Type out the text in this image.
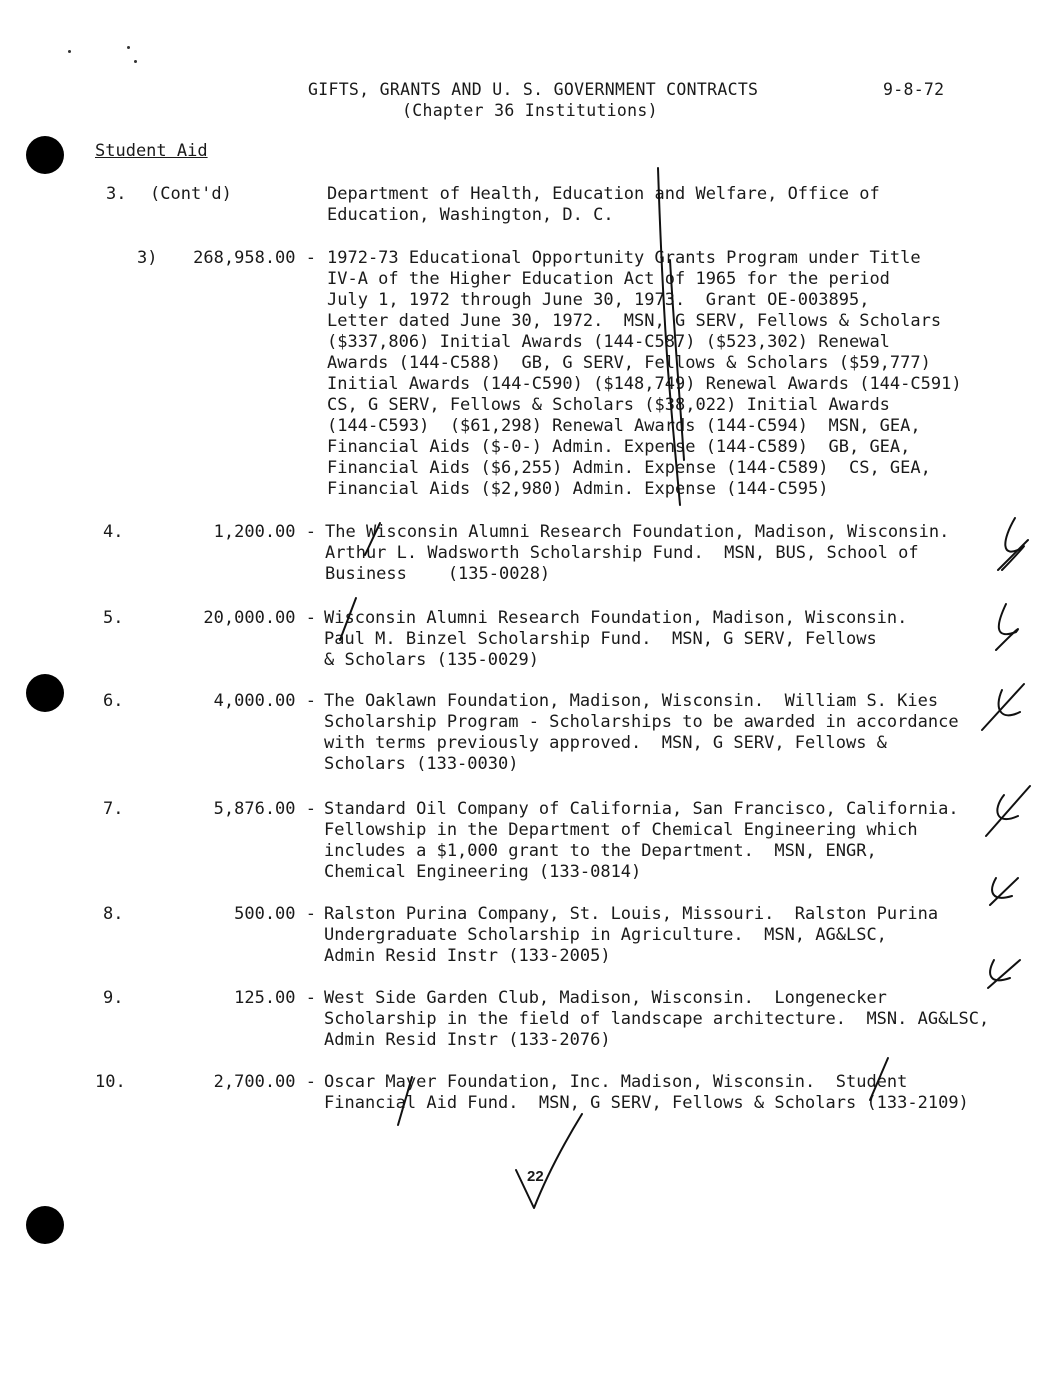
GIFTS, GRANTS AND U. S. GOVERNMENT CONTRACTS
(Chapter 36 Institutions)
9-8-72
Student Aid
3. (Cont'd)	Department of Health, Education and Welfare, Office of
Education, Washington, D. C.
3) 268,958.00 - 1972-73 Educational Opportunity Grants Program under Title
IV-A of the Higher Education Act of 1965 for the period
July 1, 1972 through June 30, 1973.  Grant OE-003895,
Letter dated June 30, 1972.  MSN, G SERV, Fellows & Scholars
($337,806) Initial Awards (144-C587) ($523,302) Renewal
Awards (144-C588)  GB, G SERV, Fellows & Scholars ($59,777)
Initial Awards (144-C590) ($148,749) Renewal Awards (144-C591)
CS, G SERV, Fellows & Scholars ($38,022) Initial Awards
(144-C593)  ($61,298) Renewal Awards (144-C594)  MSN, GEA,
Financial Aids ($-0-) Admin. Expense (144-C589)  GB, GEA,
Financial Aids ($6,255) Admin. Expense (144-C589)  CS, GEA,
Financial Aids ($2,980) Admin. Expense (144-C595)
4.	1,200.00 - The Wisconsin Alumni Research Foundation, Madison, Wisconsin.
Arthur L. Wadsworth Scholarship Fund.  MSN, BUS, School of
Business    (135-0028)
5.	20,000.00 - Wisconsin Alumni Research Foundation, Madison, Wisconsin.
Paul M. Binzel Scholarship Fund.  MSN, G SERV, Fellows
& Scholars (135-0029)
6.	4,000.00 - The Oaklawn Foundation, Madison, Wisconsin.  William S. Kies
Scholarship Program - Scholarships to be awarded in accordance
with terms previously approved.  MSN, G SERV, Fellows &
Scholars (133-0030)
7.	5,876.00 - Standard Oil Company of California, San Francisco, California.
Fellowship in the Department of Chemical Engineering which
includes a $1,000 grant to the Department.  MSN, ENGR,
Chemical Engineering (133-0814)
8.	500.00 - Ralston Purina Company, St. Louis, Missouri.  Ralston Purina
Undergraduate Scholarship in Agriculture.  MSN, AG&LSC,
Admin Resid Instr (133-2005)
9.	125.00 - West Side Garden Club, Madison, Wisconsin.  Longenecker
Scholarship in the field of landscape architecture.  MSN. AG&LSC,
Admin Resid Instr (133-2076)
10.	2,700.00 - Oscar Mayer Foundation, Inc. Madison, Wisconsin.  Student
Financial Aid Fund.  MSN, G SERV, Fellows & Scholars (133-2109)
22
